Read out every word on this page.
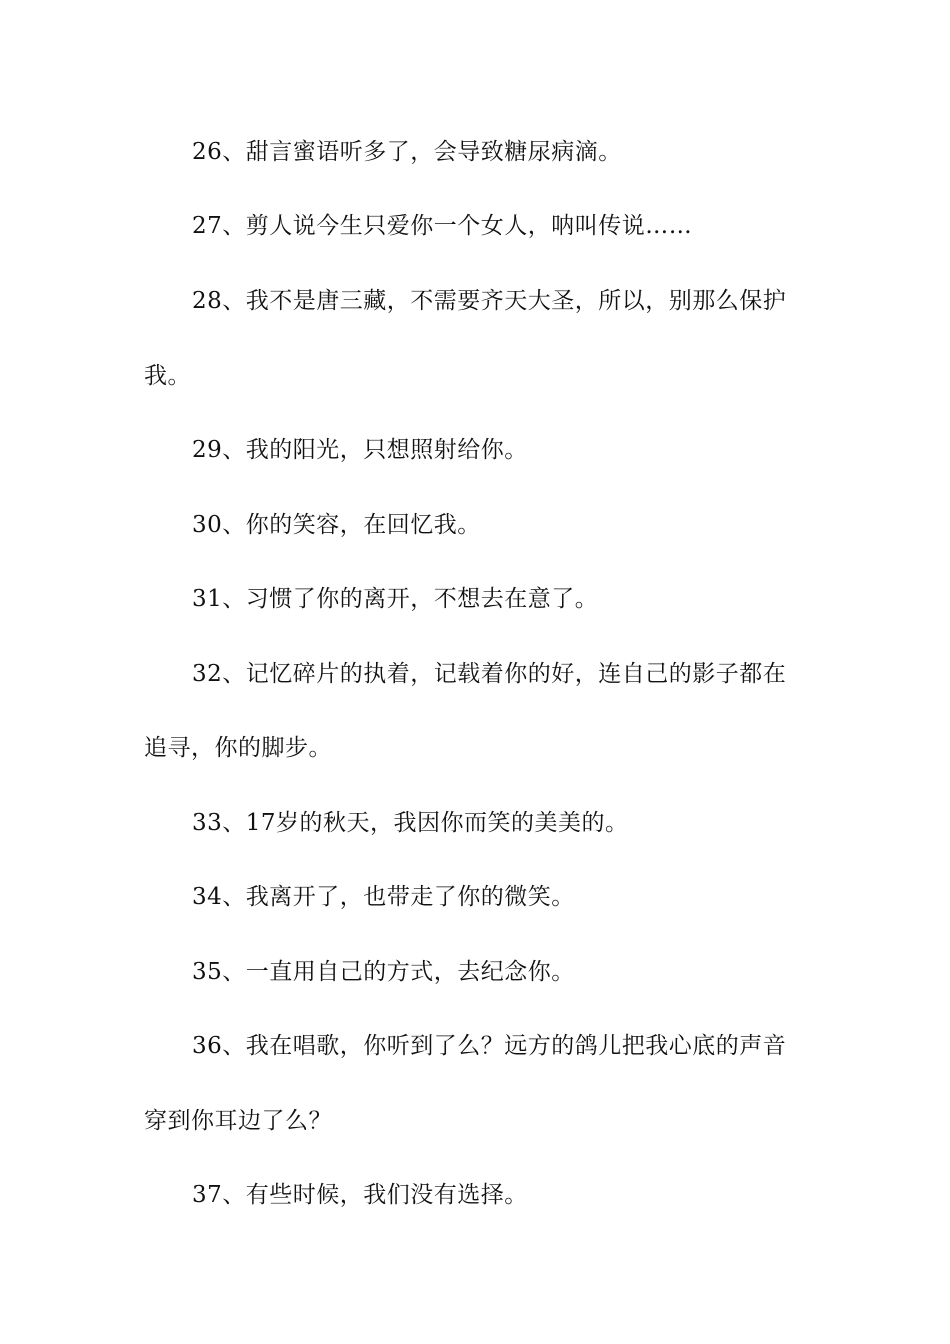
26、甜言蜜语听多了，会导致糖尿病滴。
27、剪人说今生只爱你一个女人，呐叫传说……
28、我不是唐三藏，不需要齐天大圣，所以，别那么保护
我。
29、我的阳光，只想照射给你。
30、你的笑容，在回忆我。
31、习惯了你的离开，不想去在意了。
32、记忆碎片的执着，记载着你的好，连自己的影子都在
追寻，你的脚步。
33、17岁的秋天，我因你而笑的美美的。
34、我离开了，也带走了你的微笑。
35、一直用自己的方式，去纪念你。
36、我在唱歌，你听到了么？远方的鸽儿把我心底的声音
穿到你耳边了么？
37、有些时候，我们没有选择。
